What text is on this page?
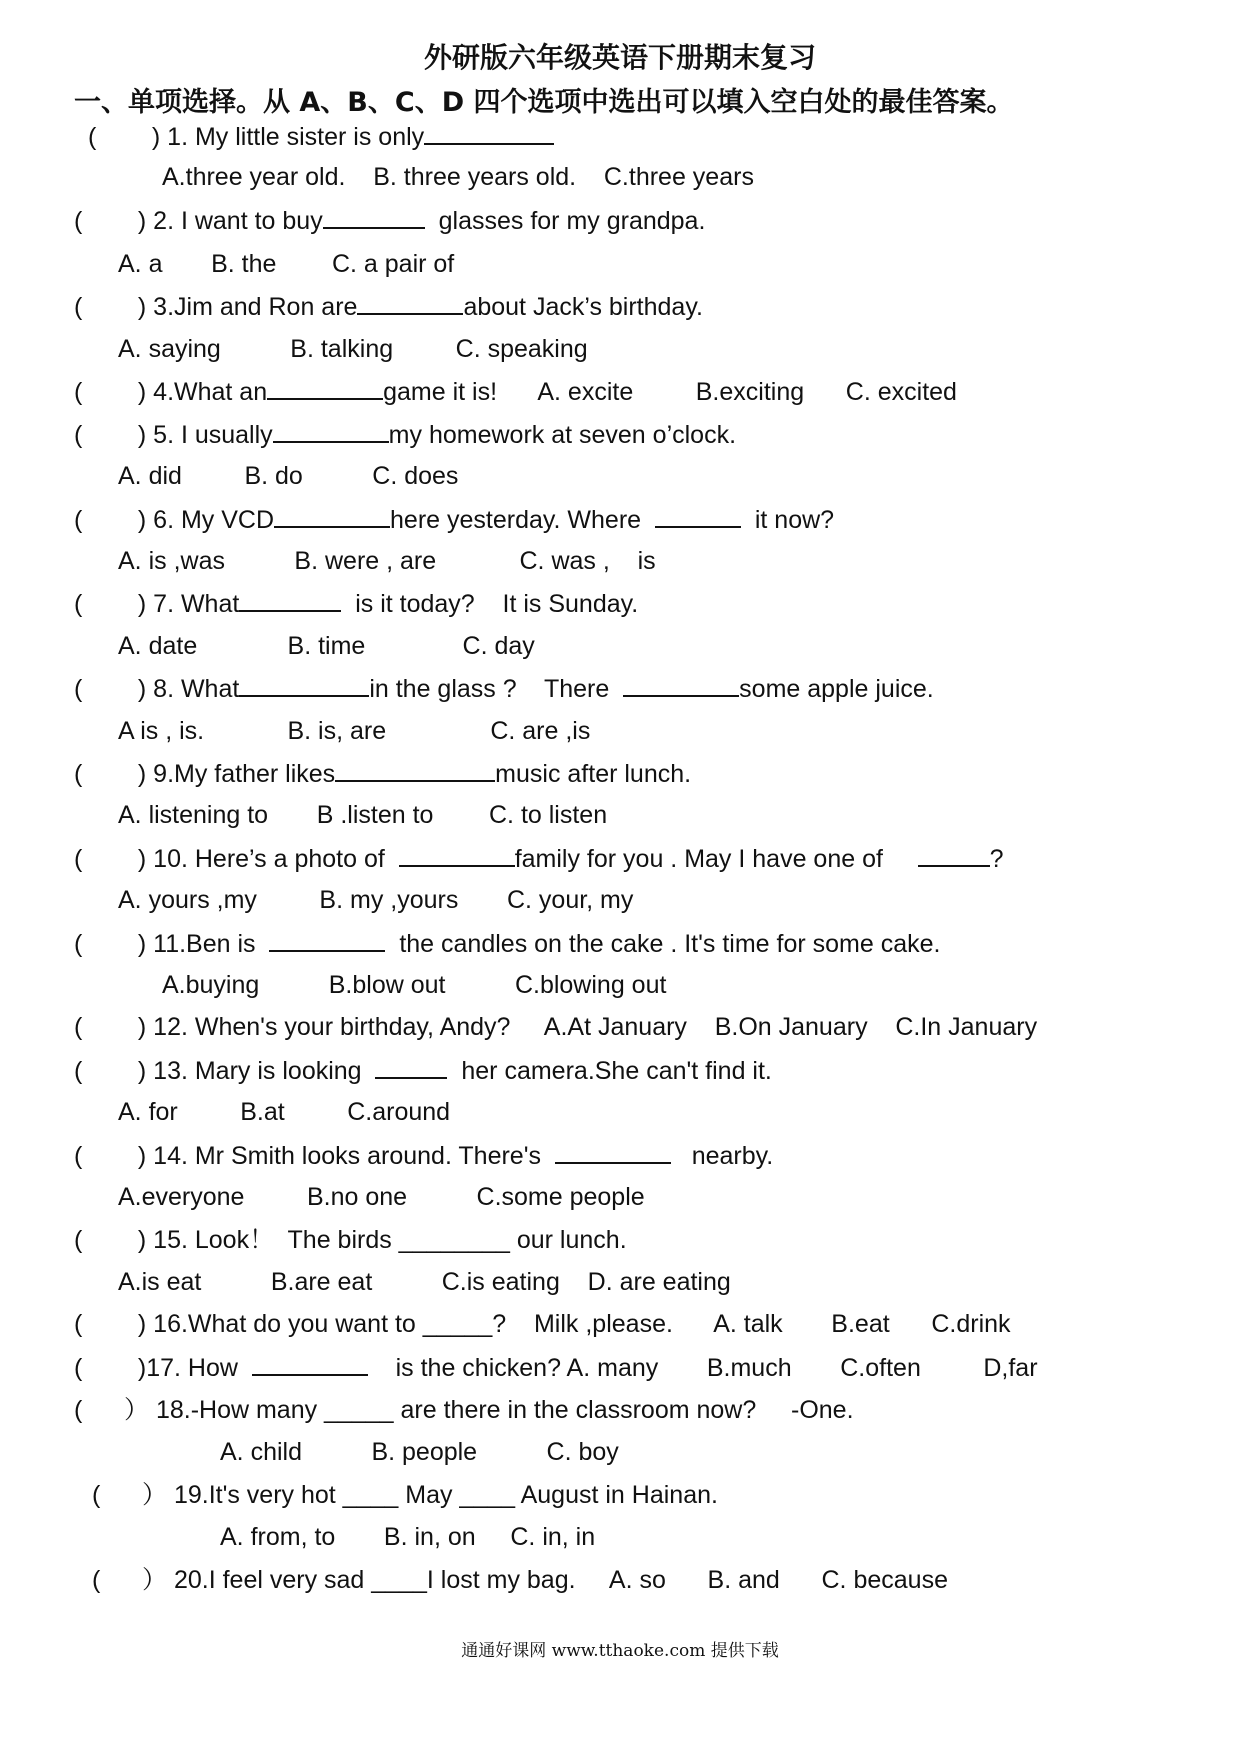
外研版六年级英语下册期末复习
一、单项选择。从 A、B、C、D 四个选项中选出可以填入空白处的最佳答案。
(        ) 1. My little sister is only
A.three year old.    B. three years old.    C.three years
(        ) 2. I want to buy	glasses for my grandpa.
A. a       B. the        C. a pair of
(        ) 3.Jim and Ron are	about Jack’s birthday.
A. saying          B. talking         C. speaking
(        ) 4.What an	game it is!      A. excite         B.exciting      C. excited
(        ) 5. I usually	my homework at seven o’clock.
A. did         B. do          C. does
(        ) 6. My VCD	here yesterday. Where	it now?
A. is ,was          B. were , are            C. was ,    is
(        ) 7. What	is it today?    It is Sunday.
A. date             B. time              C. day
(        ) 8. What	in the glass ?    There	some apple juice.
A is , is.            B. is, are               C. are ,is
(        ) 9.My father likes	music after lunch.
A. listening to       B .listen to        C. to listen
(        ) 10. Here’s a photo of	family for you . May I have one of	?
A. yours ,my         B. my ,yours       C. your, my
(        ) 11.Ben is	the candles on the cake . It's time for some cake.
A.buying          B.blow out          C.blowing out
(        ) 12. When's your birthday, Andy?     A.At January    B.On January    C.In January
(        ) 13. Mary is looking	her camera.She can't find it.
A. for         B.at         C.around
(        ) 14. Mr Smith looks around. There's	nearby.
A.everyone         B.no one          C.some people
(        ) 15. Look！  The birds ________ our lunch.
A.is eat          B.are eat          C.is eating    D. are eating
(        ) 16.What do you want to _____?    Milk ,please.      A. talk       B.eat      C.drink
(        )17. How	is the chicken? A. many       B.much       C.often         D,far
(      ） 18.-How many _____ are there in the classroom now?     -One.
A. child          B. people          C. boy
(      ） 19.It's very hot ____ May ____ August in Hainan.
A. from, to       B. in, on     C. in, in
(      ） 20.I feel very sad ____I lost my bag.     A. so      B. and      C. because
通通好课网 www.tthaoke.com 提供下载
